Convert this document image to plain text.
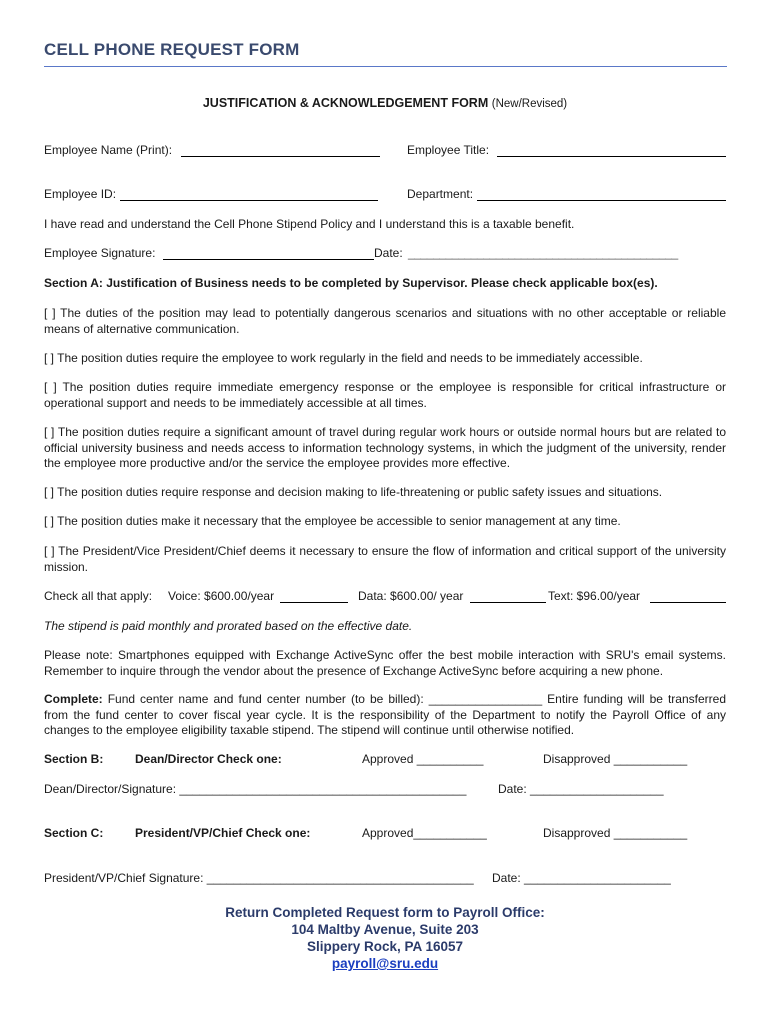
CELL PHONE REQUEST FORM
JUSTIFICATION & ACKNOWLEDGEMENT FORM (New/Revised)
Employee Name (Print):	Employee Title:
Employee ID:	Department:
I have read and understand the Cell Phone Stipend Policy and I understand this is a taxable benefit.
Employee Signature:	Date: ___________________________________________
Section A: Justification of Business needs to be completed by Supervisor. Please check applicable box(es).
[ ] The duties of the position may lead to potentially dangerous scenarios and situations with no other acceptable or reliable means of alternative communication.
[ ] The position duties require the employee to work regularly in the field and needs to be immediately accessible.
[ ] The position duties require immediate emergency response or the employee is responsible for critical infrastructure or operational support and needs to be immediately accessible at all times.
[ ] The position duties require a significant amount of travel during regular work hours or outside normal hours but are related to official university business and needs access to information technology systems, in which the judgment of the university, render the employee more productive and/or the service the employee provides more effective.
[ ] The position duties require response and decision making to life-threatening or public safety issues and situations.
[ ] The position duties make it necessary that the employee be accessible to senior management at any time.
[ ] The President/Vice President/Chief deems it necessary to ensure the flow of information and critical support of the university mission.
Check all that apply: Voice: $600.00/year	Data: $600.00/ year	Text: $96.00/year
The stipend is paid monthly and prorated based on the effective date.
Please note: Smartphones equipped with Exchange ActiveSync offer the best mobile interaction with SRU's email systems. Remember to inquire through the vendor about the presence of Exchange ActiveSync before acquiring a new phone.
Complete: Fund center name and fund center number (to be billed): _________________ Entire funding will be transferred from the fund center to cover fiscal year cycle. It is the responsibility of the Department to notify the Payroll Office of any changes to the employee eligibility taxable stipend. The stipend will continue until otherwise notified.
Section B:	Dean/Director Check one:	Approved __________	Disapproved ___________
Dean/Director/Signature: ___________________________________________	Date: ____________________
Section C:	President/VP/Chief Check one:	Approved___________	Disapproved ___________
President/VP/Chief Signature: ________________________________________ Date: ______________________
Return Completed Request form to Payroll Office:
104 Maltby Avenue, Suite 203
Slippery Rock, PA 16057
payroll@sru.edu
